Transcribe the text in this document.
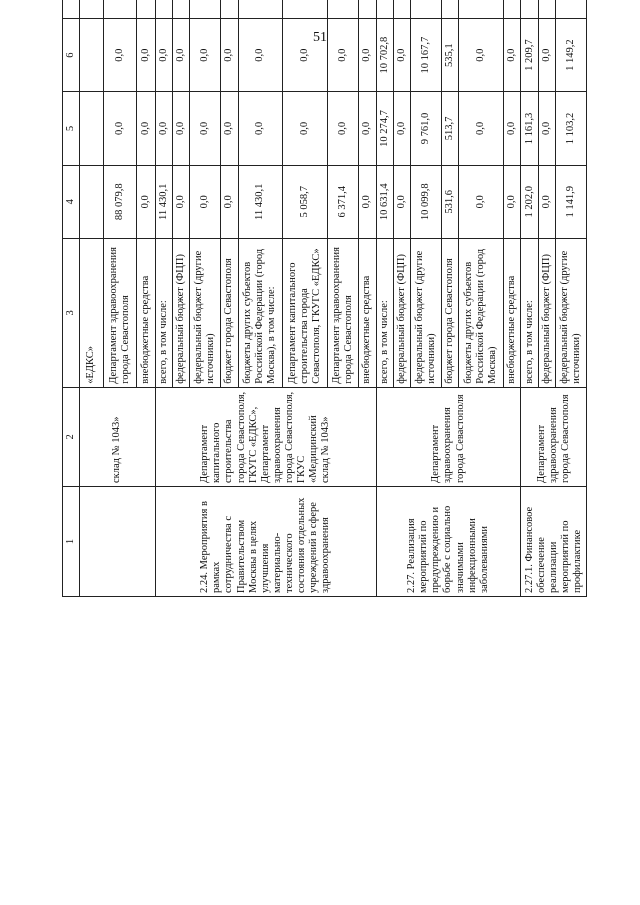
51
1	2	3	4	5	6			
	склад № 1043»	«ЕДКС»						
		Департамент здравоохранения города Севастополя	88 079,8	0,0	0,0			
		внебюджетные средства	0,0	0,0	0,0			
2.24. Мероприятия в рамках сотрудничества с Правительством Москвы в целях улучшения материально-технического состояния отдельных учреждений в сфере здравоохранения	Департамент капитального строительства города Севастополя, ГКУГС «ЕДКС», Департамент здравоохранения города Севастополя, ГКУС «Медицинский склад № 1043»	всего, в том числе:	11 430,1	0,0	0,0			
		федеральный бюджет (ФЦП)	0,0	0,0	0,0			
		федеральный бюджет (другие источники)	0,0	0,0	0,0			
		бюджет города Севастополя	0,0	0,0	0,0			
		бюджеты других субъектов Российской Федерации (город Москва), в том числе:	11 430,1	0,0	0,0			
		Департамент капитального строительства города Севастополя, ГКУГС «ЕДКС»	5 058,7	0,0	0,0			
		Департамент здравоохранения города Севастополя	6 371,4	0,0	0,0			
		внебюджетные средства	0,0	0,0	0,0			
2.27. Реализация мероприятий по предупреждению и борьбе с социально значимыми инфекционными заболеваниями	Департамент здравоохранения города Севастополя	всего, в том числе:	10 631,4	10 274,7	10 702,8			
		федеральный бюджет (ФЦП)	0,0	0,0	0,0			
		федеральный бюджет (другие источники)	10 099,8	9 761,0	10 167,7			
		бюджет города Севастополя	531,6	513,7	535,1			
		бюджеты других субъектов Российской Федерации (город Москва)	0,0	0,0	0,0			
		внебюджетные средства	0,0	0,0	0,0			
2.27.1. Финансовое обеспечение реализации мероприятий по профилактике	Департамент здравоохранения города Севастополя	всего, в том числе:	1 202,0	1 161,3	1 209,7			
		федеральный бюджет (ФЦП)	0,0	0,0	0,0			
		федеральный бюджет (другие источники)	1 141,9	1 103,2	1 149,2			
